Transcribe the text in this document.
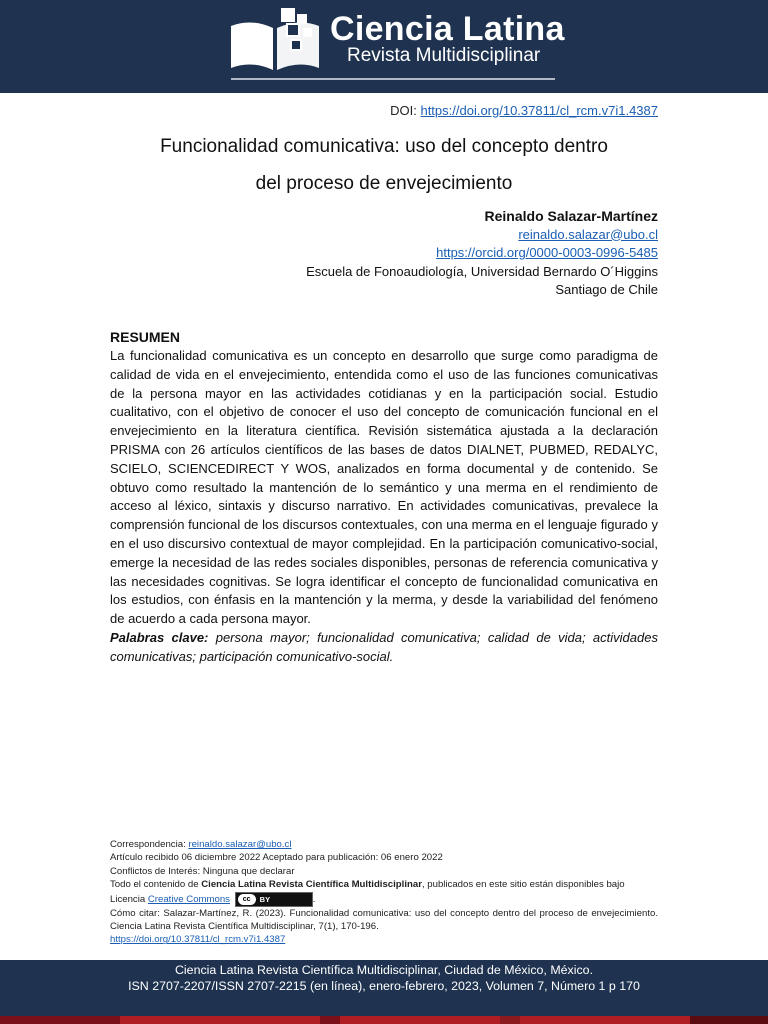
Ciencia Latina
Revista Multidisciplinar
DOI: https://doi.org/10.37811/cl_rcm.v7i1.4387
Funcionalidad comunicativa: uso del concepto dentro
del proceso de envejecimiento
Reinaldo Salazar-Martínez
reinaldo.salazar@ubo.cl
https://orcid.org/0000-0003-0996-5485
Escuela de Fonoaudiología, Universidad Bernardo O´Higgins
Santiago de Chile
RESUMEN
La funcionalidad comunicativa es un concepto en desarrollo que surge como paradigma de calidad de vida en el envejecimiento, entendida como el uso de las funciones comunicativas de la persona mayor en las actividades cotidianas y en la participación social. Estudio cualitativo, con el objetivo de conocer el uso del concepto de comunicación funcional en el envejecimiento en la literatura científica. Revisión sistemática ajustada a la declaración PRISMA con 26 artículos científicos de las bases de datos DIALNET, PUBMED, REDALYC, SCIELO, SCIENCEDIRECT Y WOS, analizados en forma documental y de contenido. Se obtuvo como resultado la mantención de lo semántico y una merma en el rendimiento de acceso al léxico, sintaxis y discurso narrativo. En actividades comunicativas, prevalece la comprensión funcional de los discursos contextuales, con una merma en el lenguaje figurado y en el uso discursivo contextual de mayor complejidad. En la participación comunicativo-social, emerge la necesidad de las redes sociales disponibles, personas de referencia comunicativa y las necesidades cognitivas. Se logra identificar el concepto de funcionalidad comunicativa en los estudios, con énfasis en la mantención y la merma, y desde la variabilidad del fenómeno de acuerdo a cada persona mayor.
Palabras clave: persona mayor; funcionalidad comunicativa; calidad de vida; actividades comunicativas; participación comunicativo-social.
Correspondencia: reinaldo.salazar@ubo.cl
Artículo recibido 06 diciembre 2022 Aceptado para publicación: 06 enero 2022
Conflictos de Interés: Ninguna que declarar
Todo el contenido de Ciencia Latina Revista Científica Multidisciplinar, publicados en este sitio están disponibles bajo
Licencia Creative Commons	cc	BY	.
Cómo citar: Salazar-Martínez, R. (2023). Funcionalidad comunicativa: uso del concepto dentro del proceso de envejecimiento. Ciencia Latina Revista Científica Multidisciplinar, 7(1), 170-196.
https://doi.org/10.37811/cl_rcm.v7i1.4387
Ciencia Latina Revista Científica Multidisciplinar, Ciudad de México, México.
ISN 2707-2207/ISSN 2707-2215 (en línea), enero-febrero, 2023, Volumen 7, Número 1 p 170
